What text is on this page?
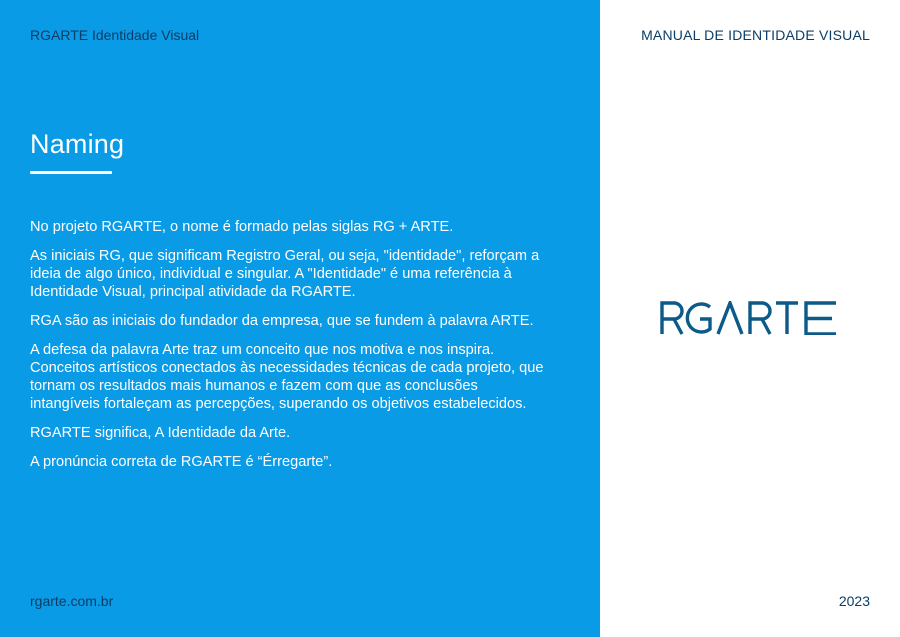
RGARTE Identidade Visual
Naming

No projeto RGARTE, o nome é formado pelas siglas RG + ARTE.

As iniciais RG, que significam Registro Geral, ou seja, "identidade", reforçam a ideia de algo único, individual e singular. A "Identidade" é uma referência à Identidade Visual, principal atividade da RGARTE.

RGA são as iniciais do fundador da empresa, que se fundem à palavra ARTE.

A defesa da palavra Arte traz um conceito que nos motiva e nos inspira. Conceitos artísticos conectados às necessidades técnicas de cada projeto, que tornam os resultados mais humanos e fazem com que as conclusões intangíveis fortaleçam as percepções, superando os objetivos estabelecidos.

RGARTE significa, A Identidade da Arte.

A pronúncia correta de RGARTE é “Érregarte”.

rgarte.com.br
MANUAL DE IDENTIDADE VISUAL
2023
